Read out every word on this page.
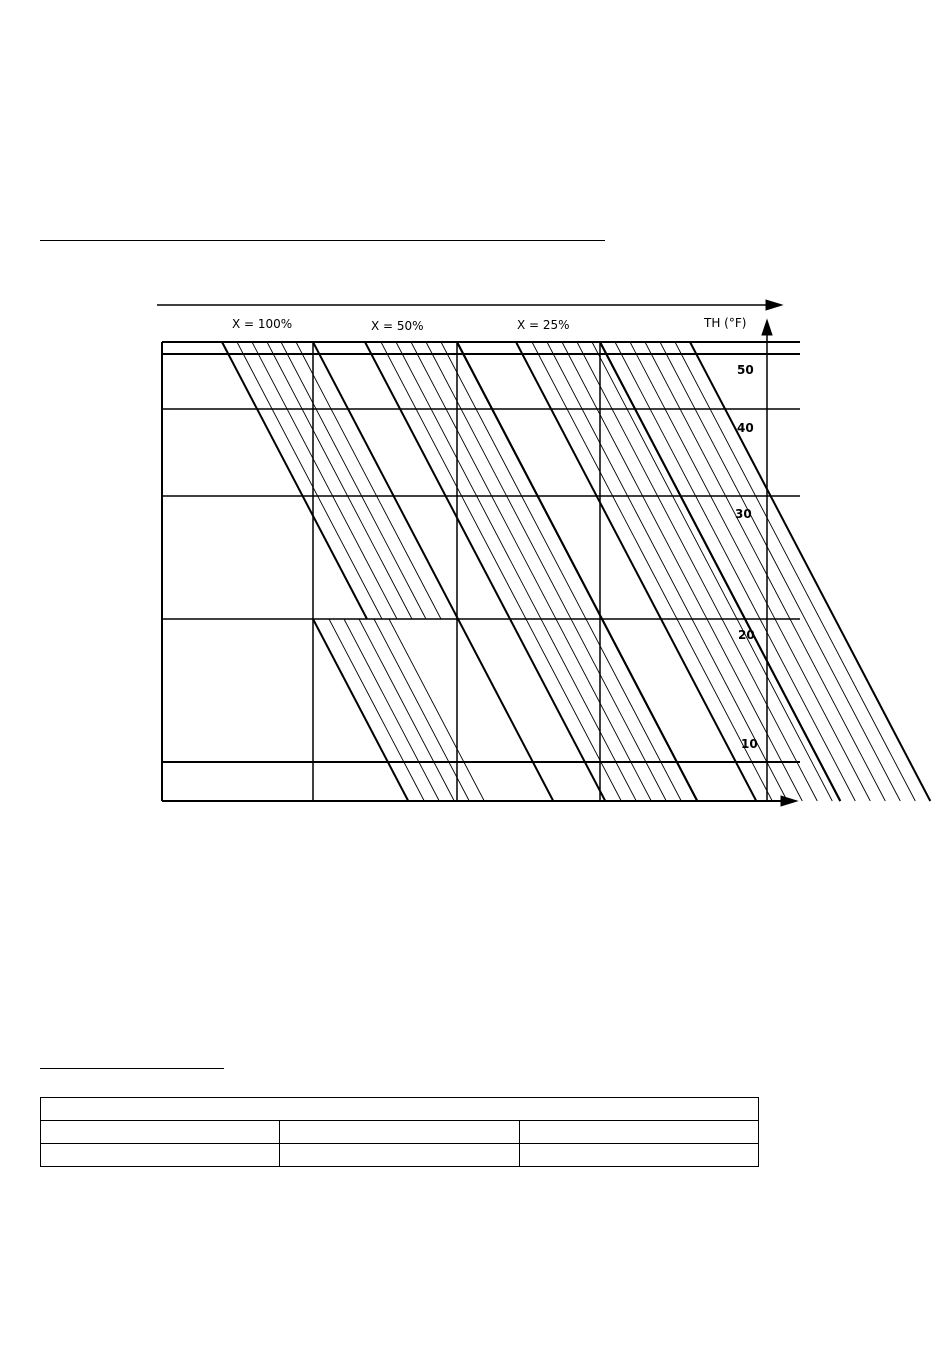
X = 100%	X = 50%	X = 25%	TH (°F)
50
40
30
20
10
